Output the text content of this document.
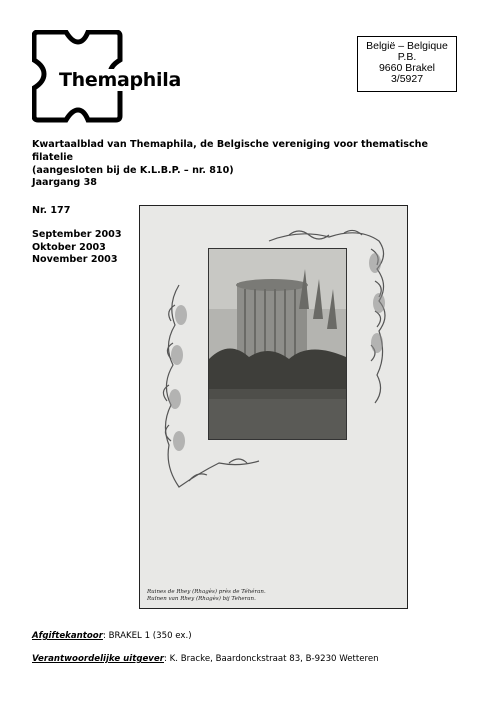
Themaphila
België – Belgique
P.B.
9660 Brakel
3/5927
Kwartaalblad van Themaphila, de Belgische vereniging voor thematische filatelie
(aangesloten bij de K.L.B.P. – nr. 810)
Jaargang 38
Nr. 177
September 2003
Oktober 2003
November 2003
Ruines de Rhey (Rhagès) près de Téhéran.
Ruïnen van Rhey (Rhagès) bij Teheran.
Afgiftekantoor: BRAKEL 1 (350 ex.)
Verantwoordelijke uitgever: K. Bracke, Baardonckstraat 83, B-9230 Wetteren
